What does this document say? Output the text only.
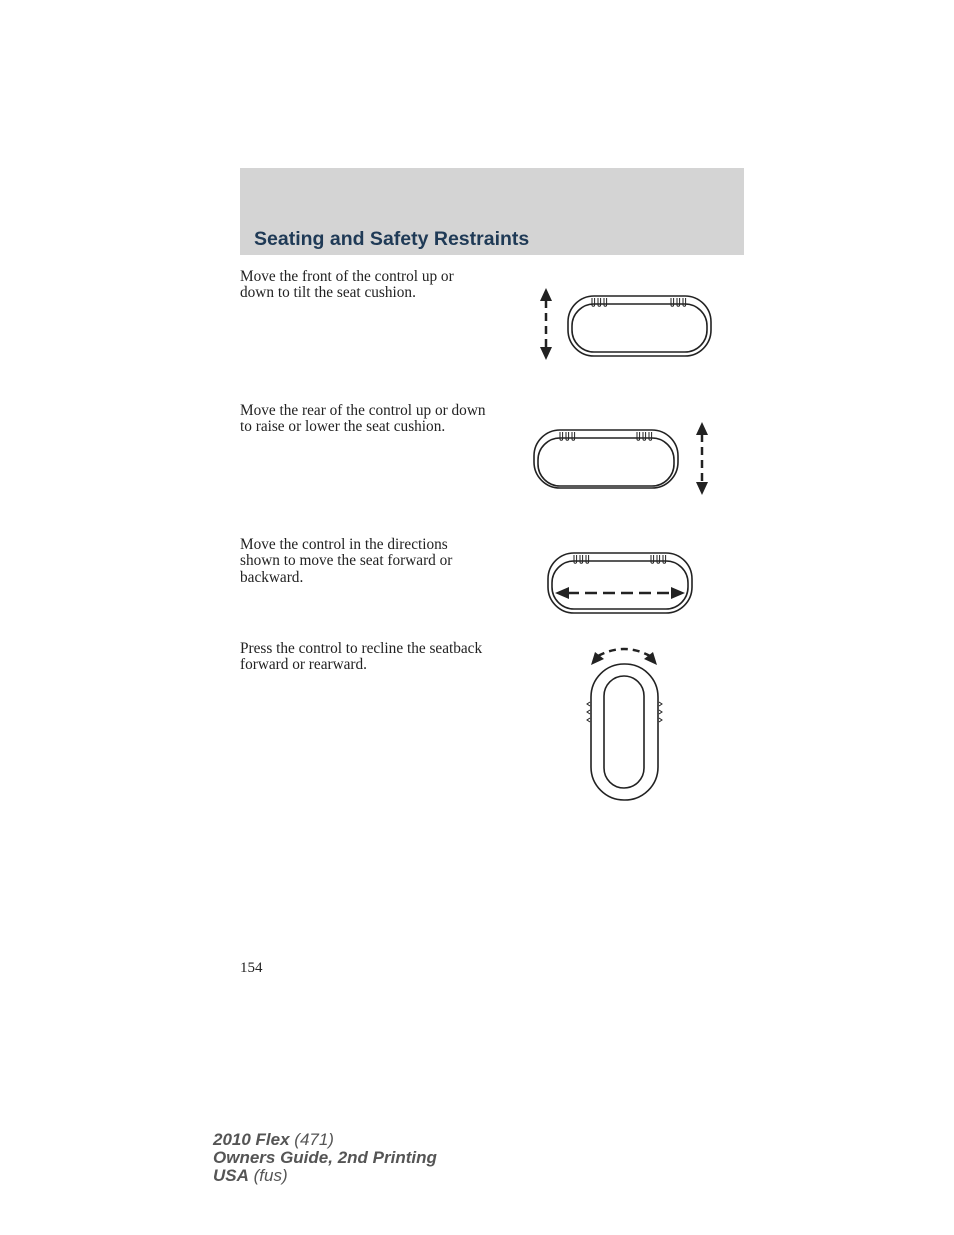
Seating and Safety Restraints

Move the front of the control up or down to tilt the seat cushion.

Move the rear of the control up or down to raise or lower the seat cushion.

Move the control in the directions shown to move the seat forward or backward.

Press the control to recline the seatback forward or rearward.

154

2010 Flex (471)
Owners Guide, 2nd Printing
USA (fus)
